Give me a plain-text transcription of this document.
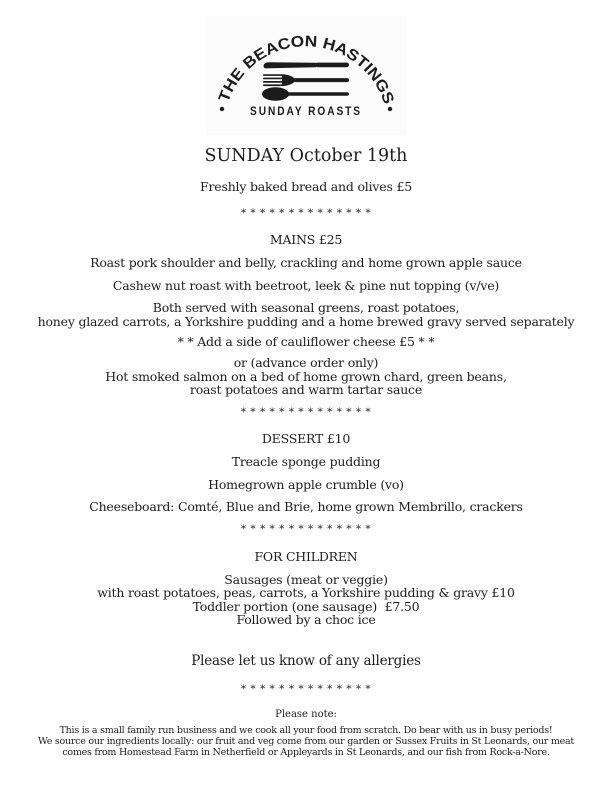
THE BEACON HASTINGS
SUNDAY ROASTS
SUNDAY October 19th
Freshly baked bread and olives £5
* * * * * * * * * * * * * *
MAINS £25
Roast pork shoulder and belly, crackling and home grown apple sauce
Cashew nut roast with beetroot, leek & pine nut topping (v/ve)
Both served with seasonal greens, roast potatoes,
honey glazed carrots, a Yorkshire pudding and a home brewed gravy served separately
* * Add a side of cauliflower cheese £5 * *
or (advance order only)
Hot smoked salmon on a bed of home grown chard, green beans,
roast potatoes and warm tartar sauce
* * * * * * * * * * * * * *
DESSERT £10
Treacle sponge pudding
Homegrown apple crumble (vo)
Cheeseboard: Comté, Blue and Brie, home grown Membrillo, crackers
* * * * * * * * * * * * * *
FOR CHILDREN
Sausages (meat or veggie)
with roast potatoes, peas, carrots, a Yorkshire pudding & gravy £10
Toddler portion (one sausage)  £7.50
Followed by a choc ice
Please let us know of any allergies
* * * * * * * * * * * * * *
Please note:
This is a small family run business and we cook all your food from scratch. Do bear with us in busy periods!
We source our ingredients locally: our fruit and veg come from our garden or Sussex Fruits in St Leonards, our meat
comes from Homestead Farm in Netherfield or Appleyards in St Leonards, and our fish from Rock-a-Nore.
